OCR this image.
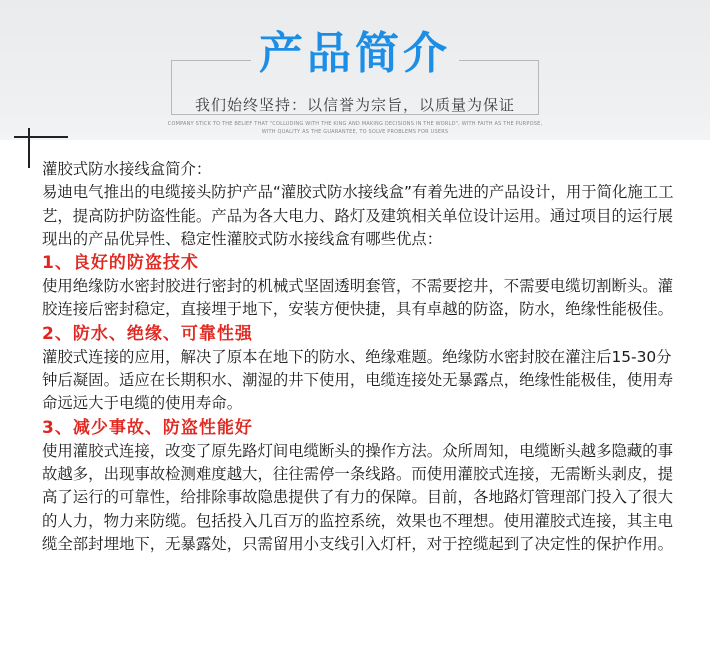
产品简介
我们始终坚持：以信誉为宗旨，以质量为保证
COMPANY STICK TO THE BELIEF THAT "COLLUDING WITH THE KING AND MAKING DECISIONS IN THE WORLD", WITH FAITH AS THE PURPOSE,
WITH QUALITY AS THE GUARANTEE, TO SOLVE PROBLEMS FOR USERS

灌胶式防水接线盒简介：

易迪电气推出的电缆接头防护产品“灌胶式防水接线盒”有着先进的产品设计，用于简化施工工艺，提高防护防盗性能。产品为各大电力、路灯及建筑相关单位设计运用。通过项目的运行展现出的产品优异性、稳定性灌胶式防水接线盒有哪些优点：

1、良好的防盗技术

使用绝缘防水密封胶进行密封的机械式坚固透明套管，不需要挖井，不需要电缆切割断头。灌胶连接后密封稳定，直接埋于地下，安装方便快捷，具有卓越的防盗，防水，绝缘性能极佳。

2、防水、绝缘、可靠性强

灌胶式连接的应用，解决了原本在地下的防水、绝缘难题。绝缘防水密封胶在灌注后15-30分钟后凝固。适应在长期积水、潮湿的井下使用，电缆连接处无暴露点，绝缘性能极佳，使用寿命远远大于电缆的使用寿命。

3、减少事故、防盗性能好

使用灌胶式连接，改变了原先路灯间电缆断头的操作方法。众所周知，电缆断头越多隐藏的事故越多，出现事故检测难度越大，往往需停一条线路。而使用灌胶式连接，无需断头剥皮，提高了运行的可靠性，给排除事故隐患提供了有力的保障。目前，各地路灯管理部门投入了很大的人力，物力来防缆。包括投入几百万的监控系统，效果也不理想。使用灌胶式连接，其主电缆全部封埋地下，无暴露处，只需留用小支线引入灯杆，对于控缆起到了决定性的保护作用。
